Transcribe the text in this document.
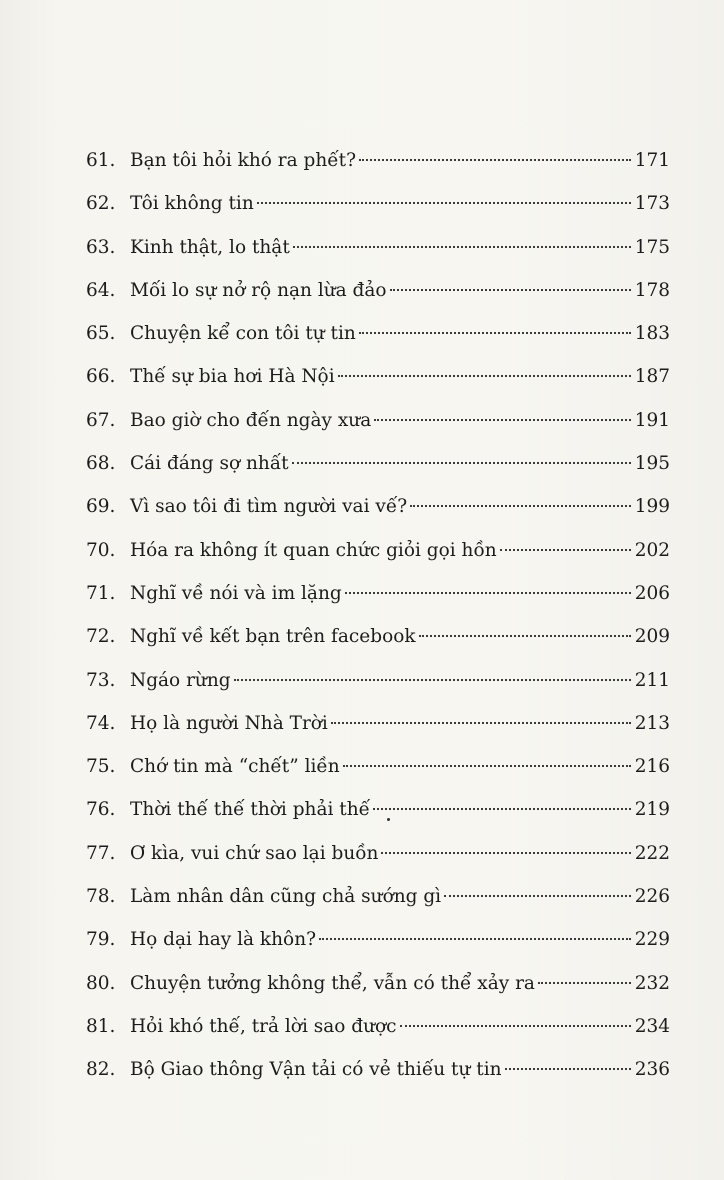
61. Bạn tôi hỏi khó ra phết?	171
62. Tôi không tin	173
63. Kinh thật, lo thật	175
64. Mối lo sự nở rộ nạn lừa đảo	178
65. Chuyện kể con tôi tự tin	183
66. Thế sự bia hơi Hà Nội	187
67. Bao giờ cho đến ngày xưa	191
68. Cái đáng sợ nhất	195
69. Vì sao tôi đi tìm người vai vế?	199
70. Hóa ra không ít quan chức giỏi gọi hồn	202
71. Nghĩ về nói và im lặng	206
72. Nghĩ về kết bạn trên facebook	209
73. Ngáo rừng	211
74. Họ là người Nhà Trời	213
75. Chớ tin mà “chết” liền	216
76. Thời thế thế thời phải thế	219
77. Ơ kìa, vui chứ sao lại buồn	222
78. Làm nhân dân cũng chả sướng gì	226
79. Họ dại hay là khôn?	229
80. Chuyện tưởng không thể, vẫn có thể xảy ra	232
81. Hỏi khó thế, trả lời sao được	234
82. Bộ Giao thông Vận tải có vẻ thiếu tự tin	236
